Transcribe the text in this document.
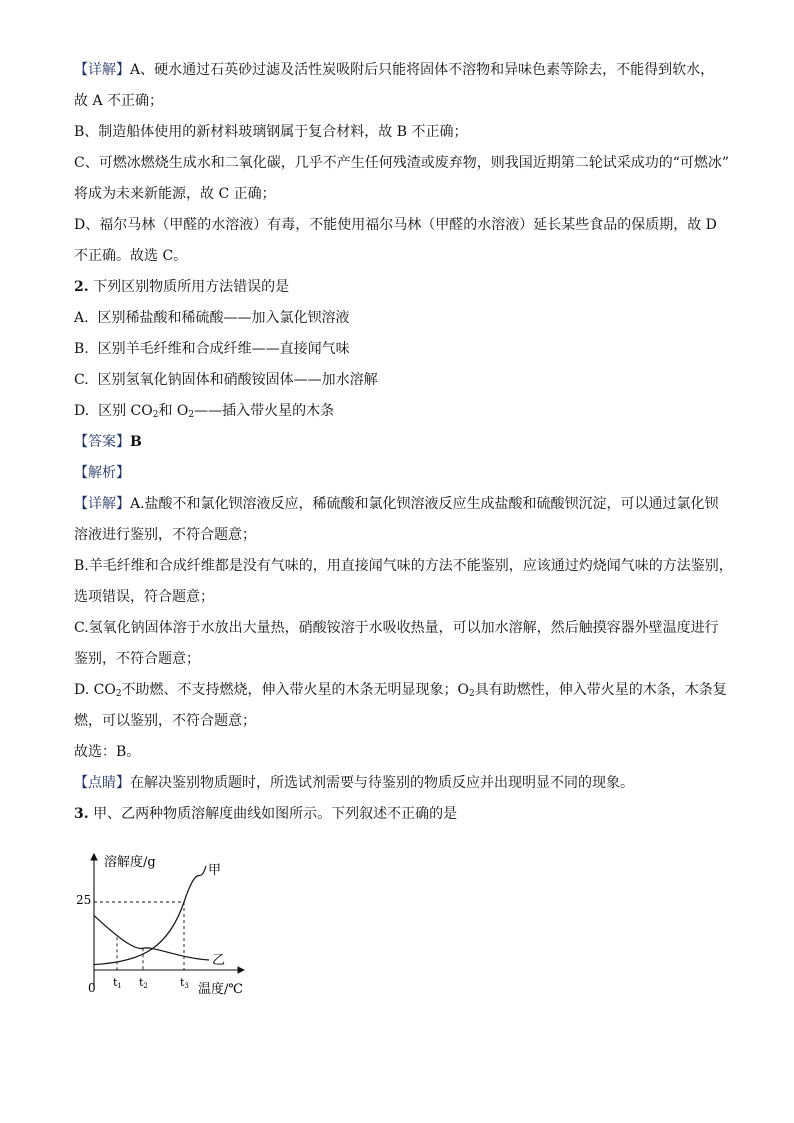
【详解】A、硬水通过石英砂过滤及活性炭吸附后只能将固体不溶物和异味色素等除去，不能得到软水，

故 A 不正确；

B、制造船体使用的新材料玻璃钢属于复合材料，故 B 不正确；

C、可燃冰燃烧生成水和二氧化碳，几乎不产生任何残渣或废弃物，则我国近期第二轮试采成功的“可燃冰”

将成为未来新能源，故 C 正确；

D、福尔马林（甲醛的水溶液）有毒，不能使用福尔马林（甲醛的水溶液）延长某些食品的保质期，故 D

不正确。故选 C。

2. 下列区别物质所用方法错误的是

A. 区别稀盐酸和稀硫酸——加入氯化钡溶液

B. 区别羊毛纤维和合成纤维——直接闻气味

C. 区别氢氧化钠固体和硝酸铵固体——加水溶解

D. 区别 $CO_2$和 $O_2——$插入带火星的木条

【答案】B

【解析】

【详解】A.盐酸不和氯化钡溶液反应，稀硫酸和氯化钡溶液反应生成盐酸和硫酸钡沉淀，可以通过氯化钡

溶液进行鉴别，不符合题意；

B.羊毛纤维和合成纤维都是没有气味的，用直接闻气味的方法不能鉴别，应该通过灼烧闻气味的方法鉴别，

选项错误，符合题意；

C.氢氧化钠固体溶于水放出大量热，硝酸铵溶于水吸收热量，可以加水溶解，然后触摸容器外壁温度进行

鉴别，不符合题意；

D. $CO_2$不助燃、不支持燃烧，伸入带火星的木条无明显现象；$O_2$具有助燃性，伸入带火星的木条，木条复

燃，可以鉴别，不符合题意；

故选：B。

【点睛】在解决鉴别物质题时，所选试剂需要与待鉴别的物质反应并出现明显不同的现象。

3. 甲、乙两种物质溶解度曲线如图所示。下列叙述不正确的是

溶解度/g
温度/℃
0
25
甲
乙
t1 t2	t3
